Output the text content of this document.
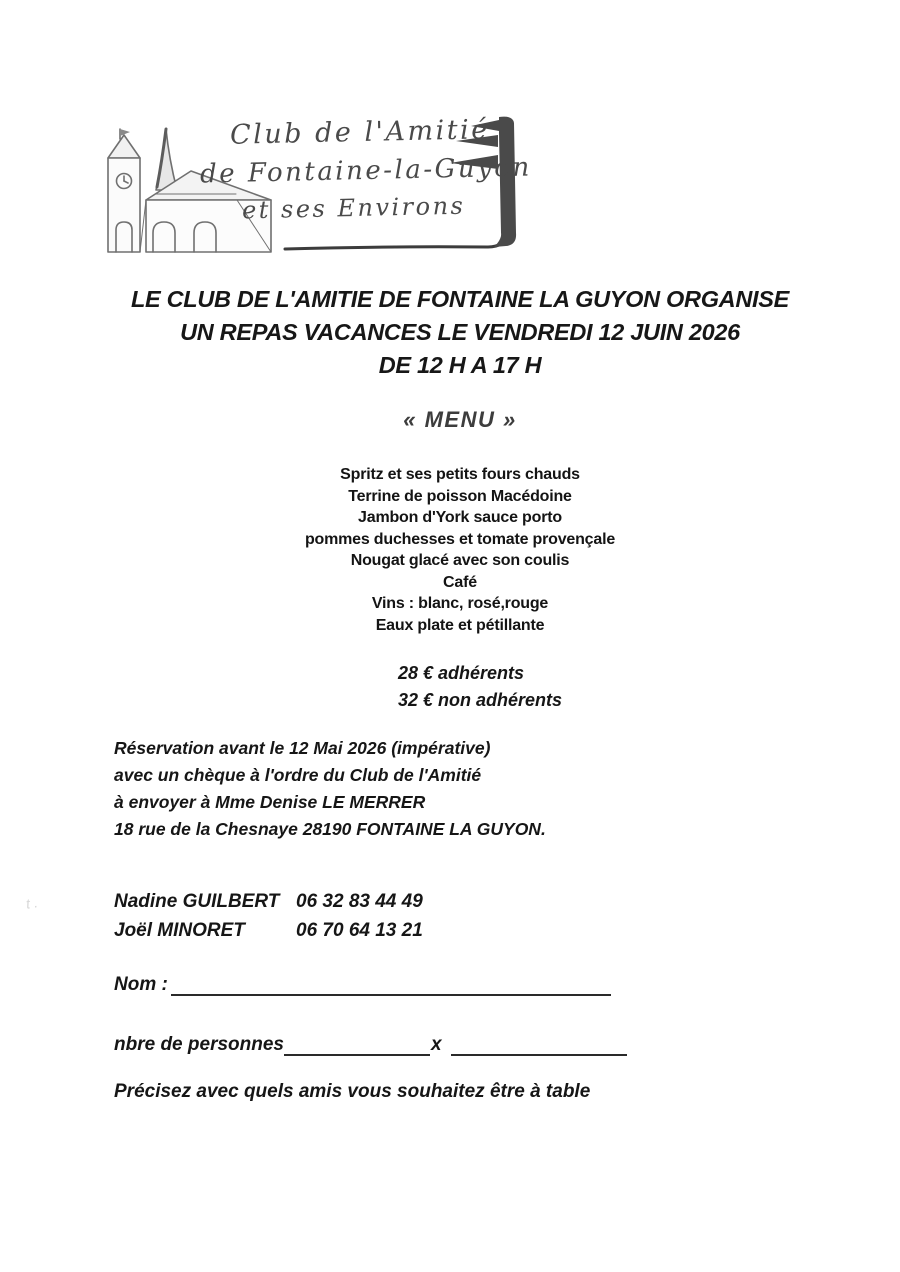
Club de l'Amitié
de Fontaine-la-Guyon
et ses Environs
LE CLUB DE L'AMITIE DE FONTAINE LA GUYON ORGANISE
UN REPAS VACANCES LE VENDREDI 12 JUIN 2026
DE 12 H A 17 H
« MENU »
Spritz et ses petits fours chauds
Terrine de poisson Macédoine
Jambon d'York sauce porto
pommes duchesses et tomate provençale
Nougat glacé avec son coulis
Café
Vins : blanc, rosé,rouge
Eaux plate et pétillante
28 € adhérents
32 € non adhérents
Réservation avant le 12 Mai 2026 (impérative)
avec un chèque à l'ordre du Club de l'Amitié
à envoyer à Mme Denise LE MERRER
18 rue de la Chesnaye 28190 FONTAINE LA GUYON.
Nadine GUILBERT 06 32 83 44 49
Joël MINORET	06 70 64 13 21
Nom :
nbre de personnes	x
Précisez avec quels amis vous souhaitez être à table
t .
